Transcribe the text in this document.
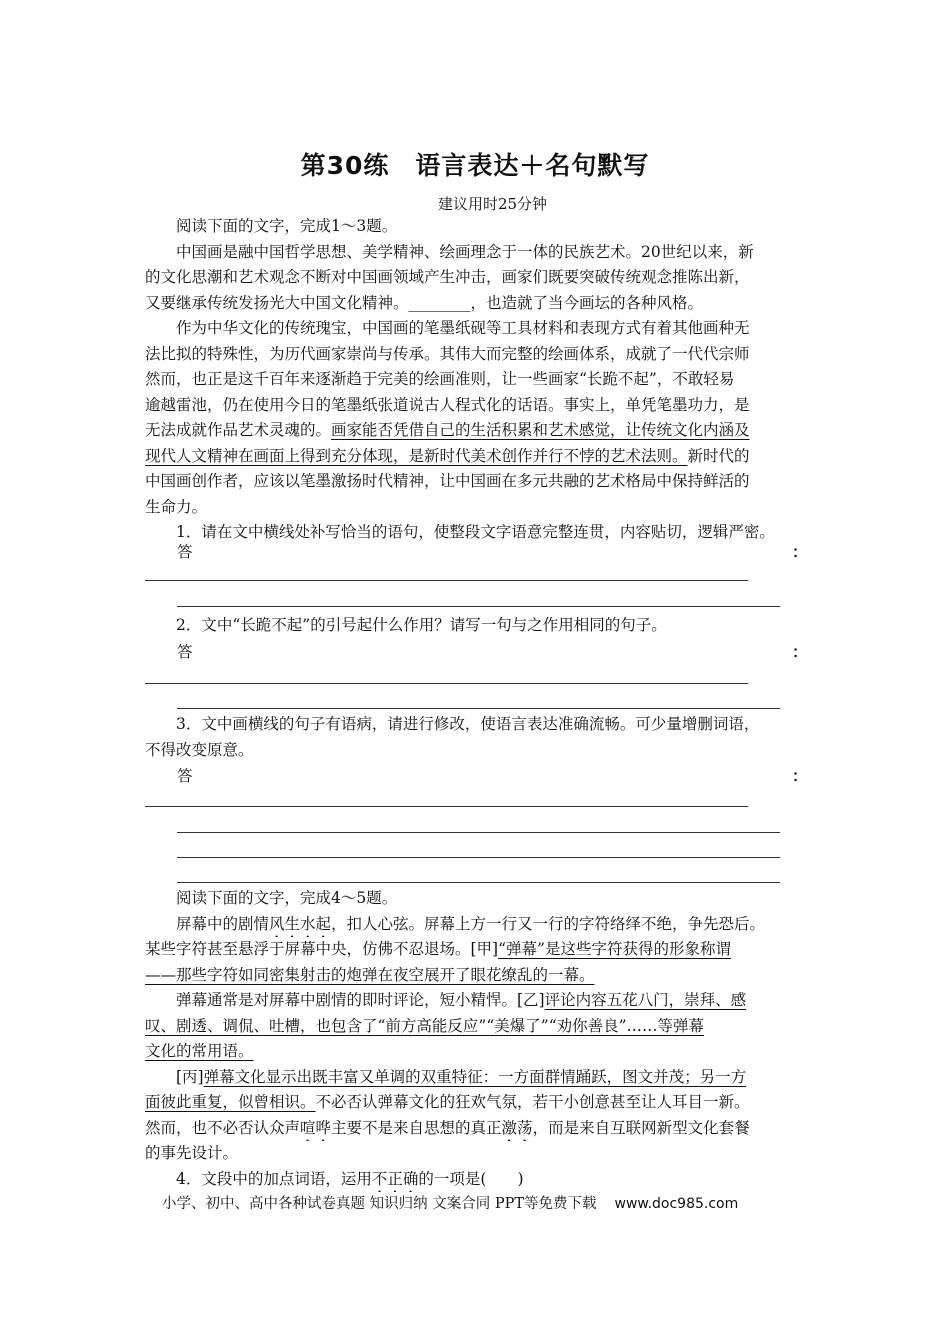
第30练　语言表达＋名句默写
建议用时25分钟
阅读下面的文字，完成1～3题。
中国画是融中国哲学思想、美学精神、绘画理念于一体的民族艺术。20世纪以来，新
的文化思潮和艺术观念不断对中国画领域产生冲击，画家们既要突破传统观念推陈出新，
又要继承传统发扬光大中国文化精神。________，也造就了当今画坛的各种风格。
作为中华文化的传统瑰宝，中国画的笔墨纸砚等工具材料和表现方式有着其他画种无
法比拟的特殊性，为历代画家崇尚与传承。其伟大而完整的绘画体系，成就了一代代宗师
然而，也正是这千百年来逐渐趋于完美的绘画准则，让一些画家“长跪不起”，不敢轻易
逾越雷池，仍在使用今日的笔墨纸张道说古人程式化的话语。事实上，单凭笔墨功力，是
无法成就作品艺术灵魂的。画家能否凭借自己的生活积累和艺术感觉，让传统文化内涵及
现代人文精神在画面上得到充分体现，是新时代美术创作并行不悖的艺术法则。新时代的
中国画创作者，应该以笔墨激扬时代精神，让中国画在多元共融的艺术格局中保持鲜活的
生命力。
1．请在文中横线处补写恰当的语句，使整段文字语意完整连贯，内容贴切，逻辑严密。
答	：
2．文中“长跪不起”的引号起什么作用？请写一句与之作用相同的句子。
答	：
3．文中画横线的句子有语病，请进行修改，使语言表达准确流畅。可少量增删词语，
不得改变原意。
答	：
阅读下面的文字，完成4～5题。
屏幕中的剧情风生水起，扣人心弦。屏幕上方一行又一行的字符络绎不绝，争先恐后。
某些字符甚至悬浮于屏幕中央，仿佛不忍退场。[甲]“弹幕”是这些字符获得的形象称谓
——那些字符如同密集射击的炮弹在夜空展开了眼花缭乱的一幕。
弹幕通常是对屏幕中剧情的即时评论，短小精悍。[乙]评论内容五花八门，崇拜、感
叹、剧透、调侃、吐槽，也包含了“前方高能反应”“美爆了”“劝你善良”……等弹幕
文化的常用语。
[丙]弹幕文化显示出既丰富又单调的双重特征：一方面群情踊跃，图文并茂；另一方
面彼此重复，似曾相识。不必否认弹幕文化的狂欢气氛，若干小创意甚至让人耳目一新。
然而，也不必否认众声喧哗主要不是来自思想的真正激荡，而是来自互联网新型文化套餐
的事先设计。
4．文段中的加点词语，运用不正确的一项是(　　)
小学、初中、高中各种试卷真题 知识归纳 文案合同 PPT等免费下载 www.doc985.com
